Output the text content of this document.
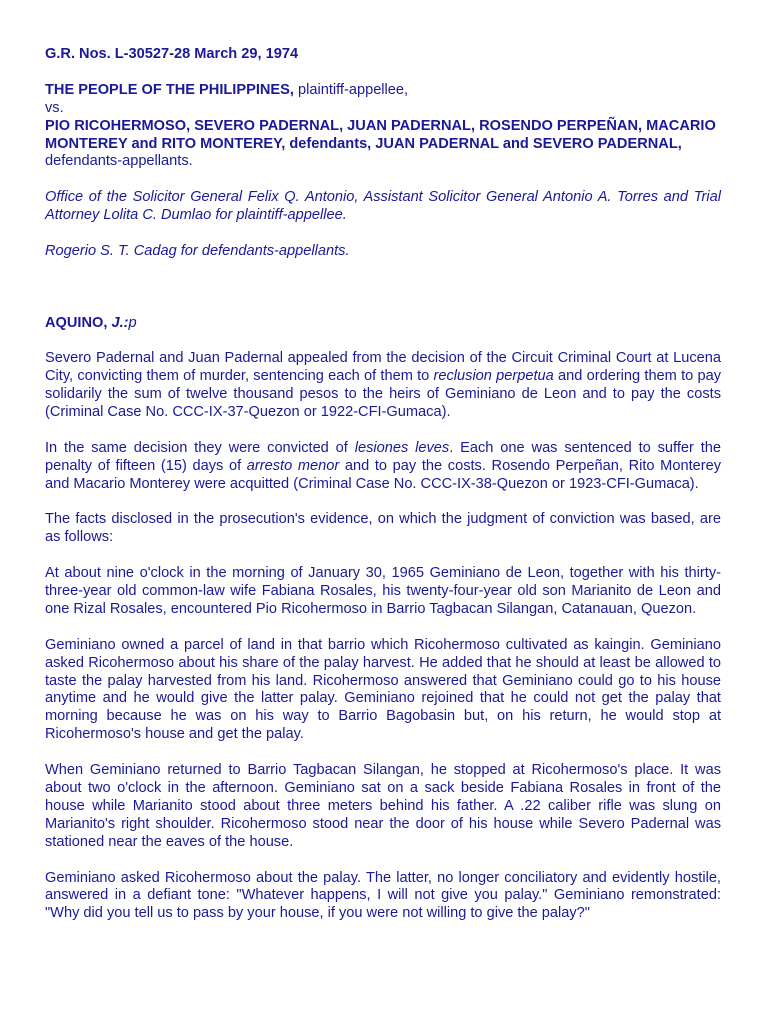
G.R. Nos. L-30527-28 March 29, 1974
THE PEOPLE OF THE PHILIPPINES, plaintiff-appellee,
vs.
PIO RICOHERMOSO, SEVERO PADERNAL, JUAN PADERNAL, ROSENDO PERPEÑAN, MACARIO MONTEREY and RITO MONTEREY, defendants, JUAN PADERNAL and SEVERO PADERNAL, defendants-appellants.
Office of the Solicitor General Felix Q. Antonio, Assistant Solicitor General Antonio A. Torres and Trial Attorney Lolita C. Dumlao for plaintiff-appellee.
Rogerio S. T. Cadag for defendants-appellants.
AQUINO, J.:p
Severo Padernal and Juan Padernal appealed from the decision of the Circuit Criminal Court at Lucena City, convicting them of murder, sentencing each of them to reclusion perpetua and ordering them to pay solidarily the sum of twelve thousand pesos to the heirs of Geminiano de Leon and to pay the costs (Criminal Case No. CCC-IX-37-Quezon or 1922-CFI-Gumaca).
In the same decision they were convicted of lesiones leves. Each one was sentenced to suffer the penalty of fifteen (15) days of arresto menor and to pay the costs. Rosendo Perpeñan, Rito Monterey and Macario Monterey were acquitted (Criminal Case No. CCC-IX-38-Quezon or 1923-CFI-Gumaca).
The facts disclosed in the prosecution's evidence, on which the judgment of conviction was based, are as follows:
At about nine o'clock in the morning of January 30, 1965 Geminiano de Leon, together with his thirty-three-year old common-law wife Fabiana Rosales, his twenty-four-year old son Marianito de Leon and one Rizal Rosales, encountered Pio Ricohermoso in Barrio Tagbacan Silangan, Catanauan, Quezon.
Geminiano owned a parcel of land in that barrio which Ricohermoso cultivated as kaingin. Geminiano asked Ricohermoso about his share of the palay harvest. He added that he should at least be allowed to taste the palay harvested from his land. Ricohermoso answered that Geminiano could go to his house anytime and he would give the latter palay. Geminiano rejoined that he could not get the palay that morning because he was on his way to Barrio Bagobasin but, on his return, he would stop at Ricohermoso's house and get the palay.
When Geminiano returned to Barrio Tagbacan Silangan, he stopped at Ricohermoso's place. It was about two o'clock in the afternoon. Geminiano sat on a sack beside Fabiana Rosales in front of the house while Marianito stood about three meters behind his father. A .22 caliber rifle was slung on Marianito's right shoulder. Ricohermoso stood near the door of his house while Severo Padernal was stationed near the eaves of the house.
Geminiano asked Ricohermoso about the palay. The latter, no longer conciliatory and evidently hostile, answered in a defiant tone: "Whatever happens, I will not give you palay." Geminiano remonstrated: "Why did you tell us to pass by your house, if you were not willing to give the palay?"
